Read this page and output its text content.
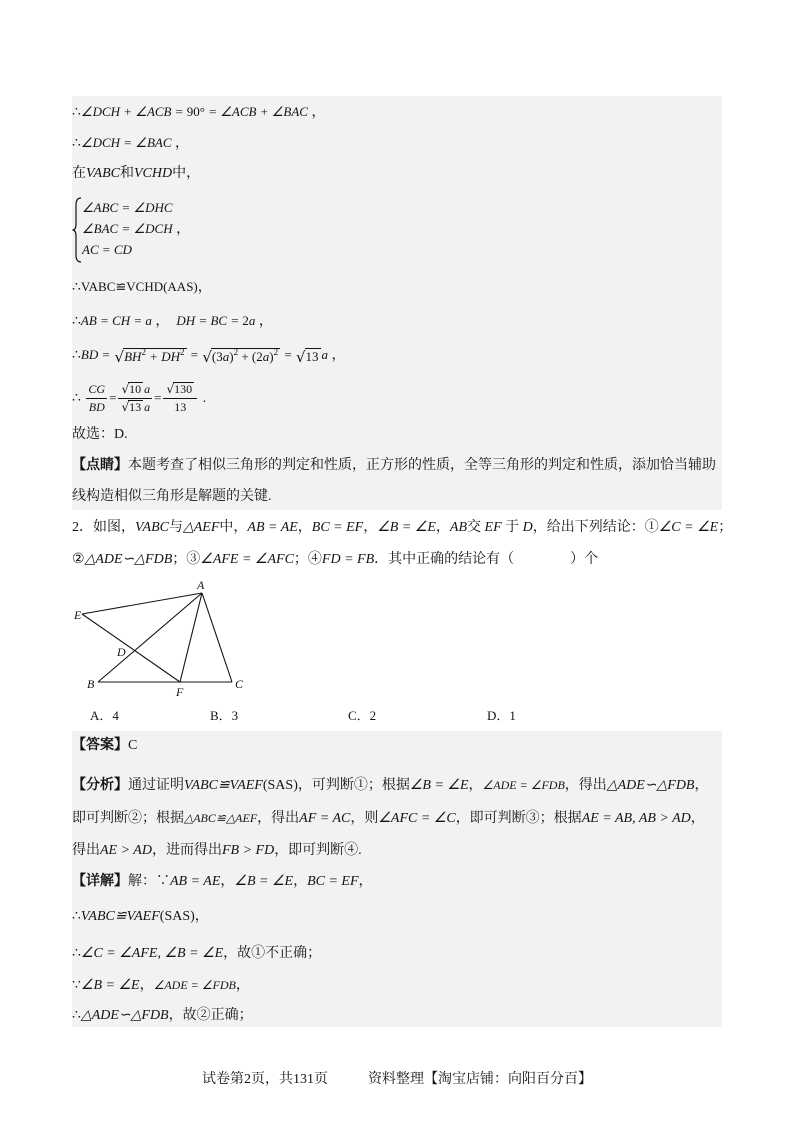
∴∠DCH + ∠ACB = 90° = ∠ACB + ∠BAC ，
∴∠DCH = ∠BAC ，
在VABC和VCHD中，
∠ABC = ∠DHC
∠BAC = ∠DCH ，
AC = CD
∴VABC≌VCHD(AAS)，
∴AB = CH = a ，  DH = BC = 2a ，
∴BD = √ $BH^2 + DH^2$ = √ $(3a)^2 + (2a)^2$ = √ 13 a ，
∴ $\frac{CG}{BD} = \frac{√ 10 a}{√ 13 a} = \frac{√ 130}{13}$ .
故选：D.
【点睛】本题考查了相似三角形的判定和性质，正方形的性质，全等三角形的判定和性质，添加恰当辅助
线构造相似三角形是解题的关键.
2．如图，VABC与△AEF中，AB = AE，BC = EF，∠B = ∠E，AB交 EF 于 D，给出下列结论：①∠C = ∠E；
②△ADE∽△FDB；③∠AFE = ∠AFC；④FD = FB．其中正确的结论有（　　　　）个
A
E
D
B
F
C
A．4	B．3	C．2	D．1
【答案】C
【分析】通过证明VABC≌VAEF(SAS)，可判断①；根据∠B = ∠E，∠ADE = ∠FDB，得出△ADE∽△FDB，
即可判断②；根据△ABC≌△AEF，得出AF = AC，则∠AFC = ∠C，即可判断③；根据AE = AB, AB > AD，
得出AE > AD，进而得出FB > FD，即可判断④.
【详解】解：∵AB = AE，∠B = ∠E，BC = EF，
∴VABC≌VAEF(SAS)，
∴∠C = ∠AFE, ∠B = ∠E，故①不正确；
∵∠B = ∠E，∠ADE = ∠FDB，
∴△ADE∽△FDB，故②正确；
试卷第2页，共131页	资料整理【淘宝店铺：向阳百分百】
